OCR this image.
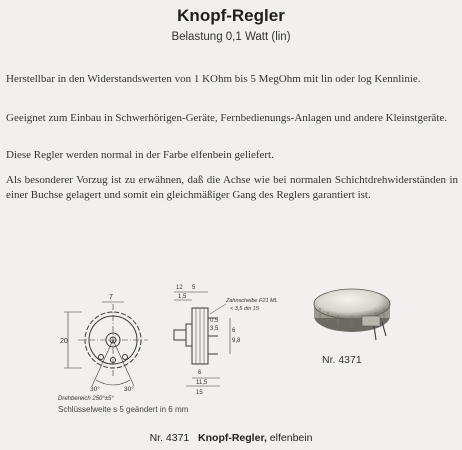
Knopf-Regler
Belastung 0,1 Watt (lin)
Herstellbar in den Widerstandswerten von 1 KOhm bis 5 MegOhm mit lin oder log Kennlinie.
Geeignet zum Einbau in Schwerhörigen-Geräte, Fernbedienungs-Anlagen und andere Kleinstgeräte.
Diese Regler werden normal in der Farbe elfenbein geliefert.
Als besonderer Vorzug ist zu erwähnen, daß die Achse wie bei normalen Schichtdrehwiderständen in einer Buchse gelagert und somit ein gleichmäßiger Gang des Reglers garantiert ist.
7
20
30°	30°
Drehbereich 250°±5°
12 5
1,5
0,5
3,5 6
9,8
6
11,5
15
Zahnscheibe F21 ML
< 3,5 din 15
Nr. 4371
Schlüsselweite s 5 geändert in 6 mm
Nr. 4371 Knopf-Regler, elfenbein
